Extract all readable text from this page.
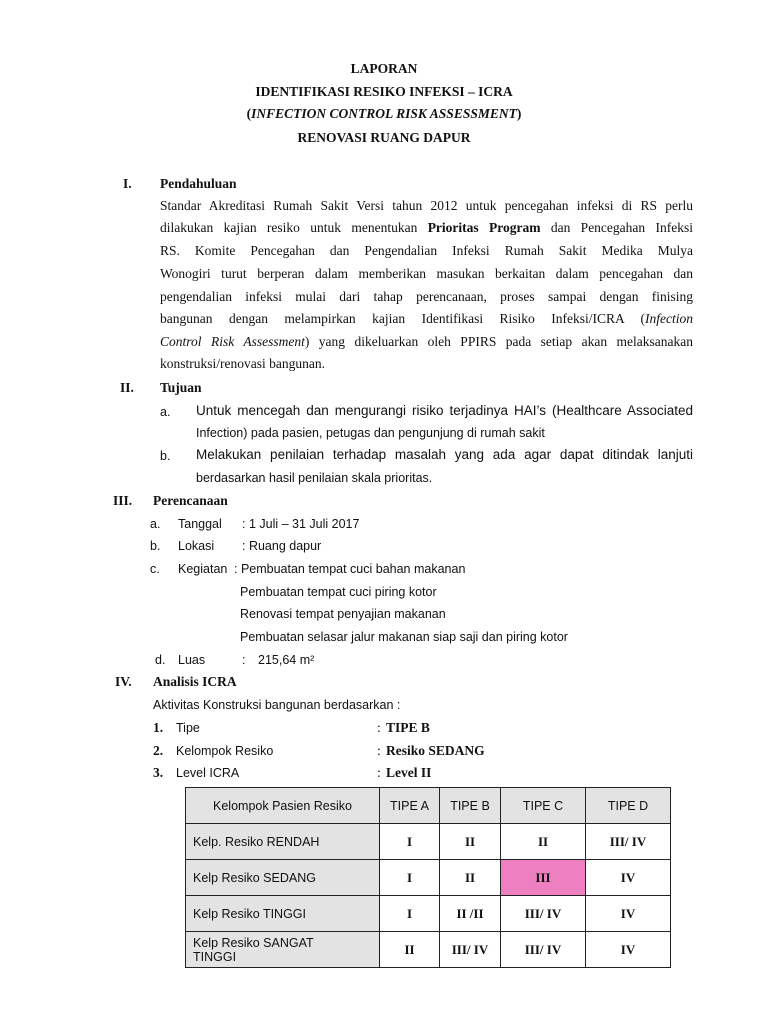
LAPORAN
IDENTIFIKASI RESIKO INFEKSI – ICRA
(INFECTION CONTROL RISK ASSESSMENT)
RENOVASI RUANG DAPUR
I. Pendahuluan
Standar Akreditasi Rumah Sakit Versi tahun 2012 untuk pencegahan infeksi di RS perlu
dilakukan kajian resiko untuk menentukan Prioritas Program dan Pencegahan Infeksi
RS. Komite Pencegahan dan Pengendalian Infeksi Rumah Sakit Medika Mulya
Wonogiri turut berperan dalam memberikan masukan berkaitan dalam pencegahan dan
pengendalian infeksi mulai dari tahap perencanaan, proses sampai dengan finising
bangunan dengan melampirkan kajian Identifikasi Risiko Infeksi/ICRA (Infection
Control Risk Assessment) yang dikeluarkan oleh PPIRS pada setiap akan melaksanakan
konstruksi/renovasi bangunan.
II. Tujuan
a. Untuk mencegah dan mengurangi risiko terjadinya HAI’s (Healthcare Associated
Infection) pada pasien, petugas dan pengunjung di rumah sakit
b. Melakukan penilaian terhadap masalah yang ada agar dapat ditindak lanjuti
berdasarkan hasil penilaian skala prioritas.
III. Perencanaan
a. Tanggal : 1 Juli – 31 Juli 2017
b. Lokasi : Ruang dapur
c. Kegiatan : Pembuatan tempat cuci bahan makanan
Pembuatan tempat cuci piring kotor
Renovasi tempat penyajian makanan
Pembuatan selasar jalur makanan siap saji dan piring kotor
d. Luas	: 215,64 m²
IV. Analisis ICRA
Aktivitas Konstruksi bangunan berdasarkan :
1. Tipe	: TIPE B
2. Kelompok Resiko	: Resiko SEDANG
3. Level ICRA	: Level II
Kelompok Pasien Resiko	TIPE A	TIPE B	TIPE C	TIPE D
Kelp. Resiko RENDAH	I	II	II	III/ IV
Kelp Resiko SEDANG	I	II	III	IV
Kelp Resiko TINGGI	I	II /II	III/ IV	IV
Kelp Resiko SANGAT
TINGGI	II	III/ IV	III/ IV	IV
